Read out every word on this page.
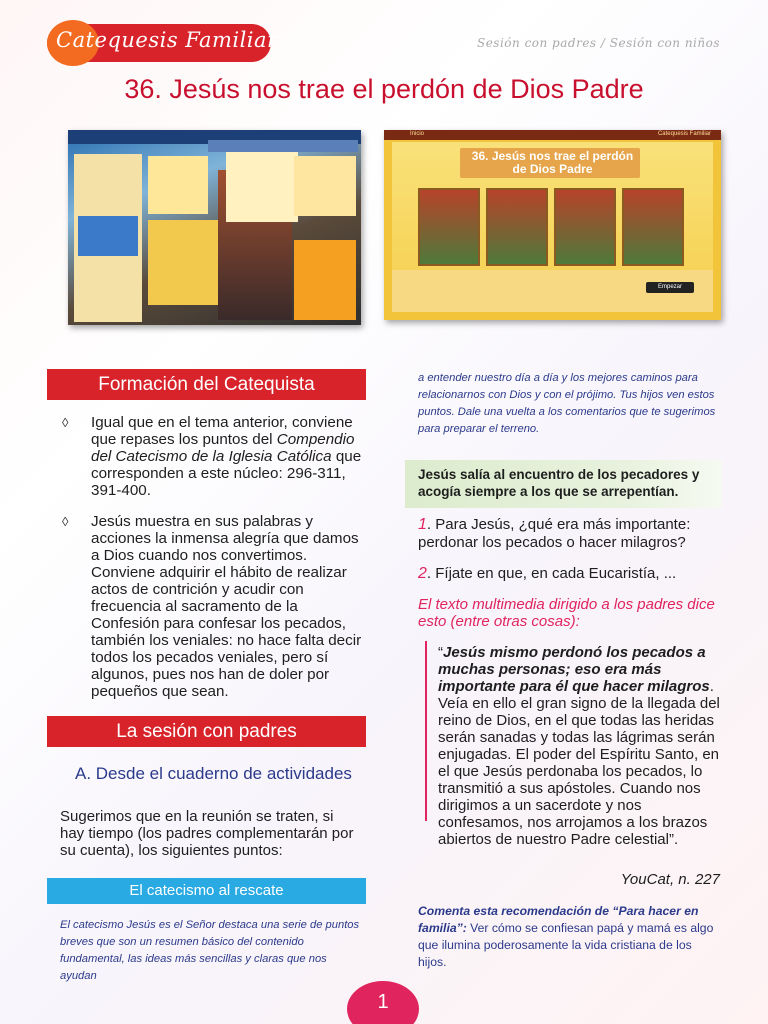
Catequesis Familiar	Sesión con padres / Sesión con niños
36. Jesús nos trae el perdón de Dios Padre
Inicio	Catequesis Familiar
36. Jesús nos trae el perdón
de Dios Padre
Empezar
Formación del Catequista
◊	Igual que en el tema anterior, conviene que repases los puntos del Compendio del Catecismo de la Iglesia Católica que corresponden a este núcleo: 296-311, 391-400.
◊	Jesús muestra en sus palabras y acciones la inmensa alegría que damos a Dios cuando nos convertimos. Conviene adquirir el hábito de realizar actos de contrición y acudir con frecuencia al sacramento de la Confesión para confesar los pecados, también los veniales: no hace falta decir todos los pecados veniales, pero sí algunos, pues nos han de doler por pequeños que sean.
La sesión con padres
A. Desde el cuaderno de actividades
Sugerimos que en la reunión se traten, si hay tiempo (los padres complementarán por su cuenta), los siguientes puntos:
El catecismo al rescate
El catecismo Jesús es el Señor destaca una serie de puntos breves que son un resumen básico del contenido fundamental, las ideas más sencillas y claras que nos ayudan
a entender nuestro día a día y los mejores caminos para relacionarnos con Dios y con el prójimo. Tus hijos ven estos puntos. Dale una vuelta a los comentarios que te sugerimos para preparar el terreno.
Jesús salía al encuentro de los pecadores y acogía siempre a los que se arrepentían.
1. Para Jesús, ¿qué era más importante: perdonar los pecados o hacer milagros?
2. Fíjate en que, en cada Eucaristía, ...
El texto multimedia dirigido a los padres dice esto (entre otras cosas):
“Jesús mismo perdonó los pecados a muchas personas; eso era más importante para él que hacer milagros. Veía en ello el gran signo de la llegada del reino de Dios, en el que todas las heridas serán sanadas y todas las lágrimas serán enjugadas. El poder del Espíritu Santo, en el que Jesús perdonaba los pecados, lo transmitió a sus apóstoles. Cuando nos dirigimos a un sacerdote y nos confesamos, nos arrojamos a los brazos abiertos de nuestro Padre celestial”.
YouCat, n. 227
Comenta esta recomendación de “Para hacer en familia”: Ver cómo se confiesan papá y mamá es algo que ilumina poderosamente la vida cristiana de los hijos.
1
